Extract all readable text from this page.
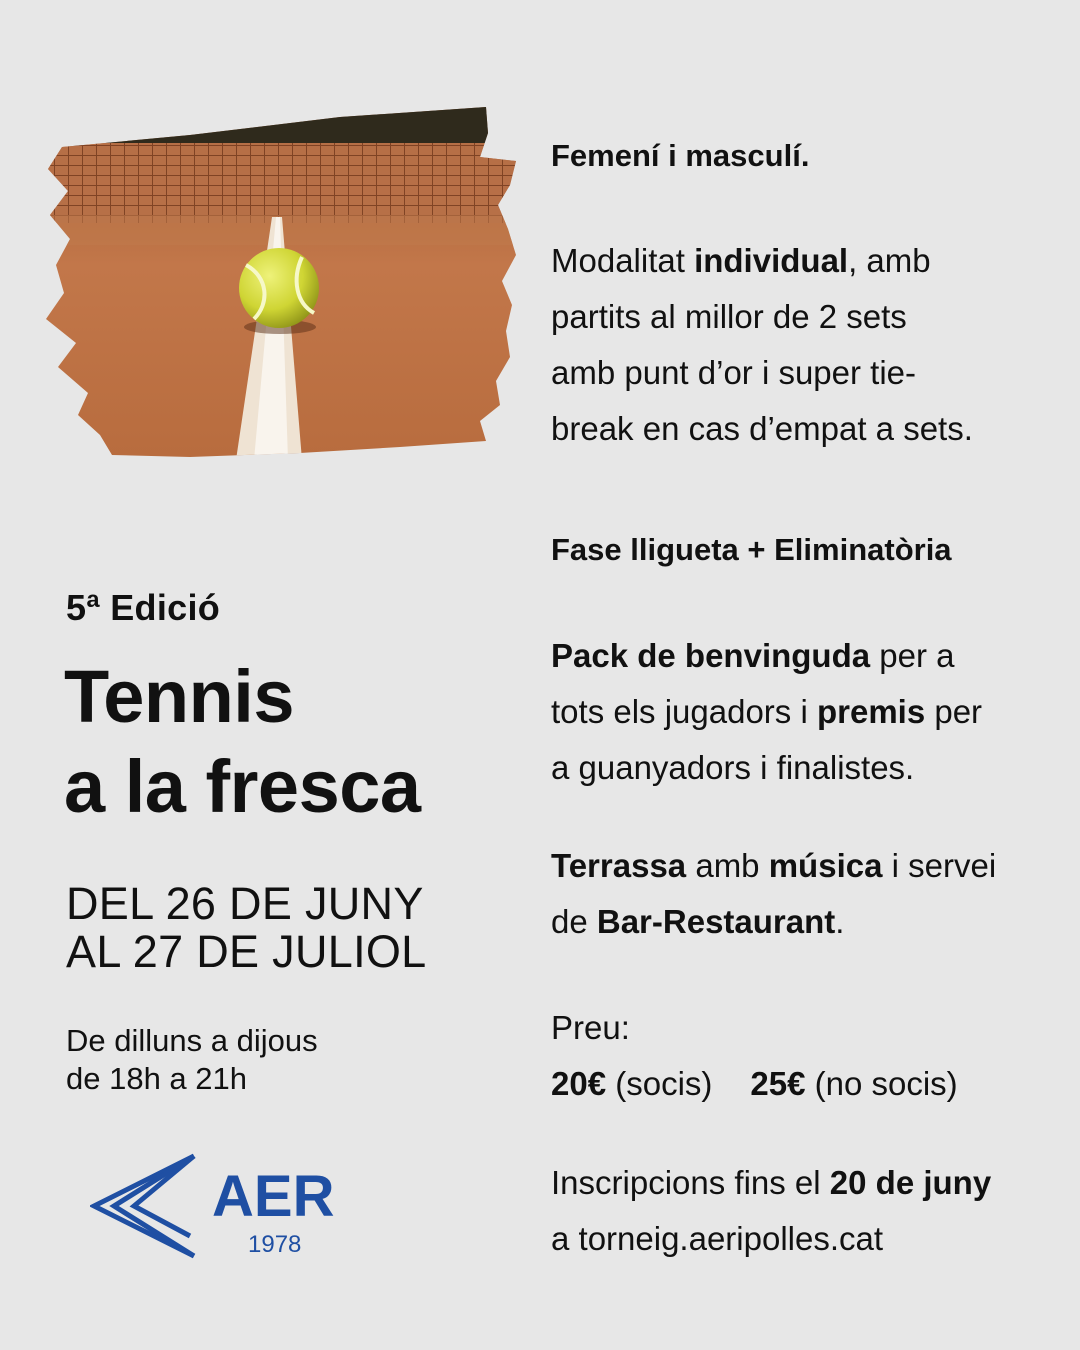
5ª Edició
Tennis
a la fresca
DEL 26 DE JUNY
AL 27 DE JULIOL
De dilluns a dijous
de 18h a 21h
AER
1978
Femení i masculí.
Modalitat individual, amb
partits al millor de 2 sets
amb punt d’or i super tie-
break en cas d’empat a sets.
Fase lligueta + Eliminatòria
Pack de benvinguda per a
tots els jugadors i premis per
a guanyadors i finalistes.
Terrassa amb música i servei
de Bar-Restaurant.
Preu:
20€ (socis) 25€ (no socis)
Inscripcions fins el 20 de juny
a torneig.aeripolles.cat
